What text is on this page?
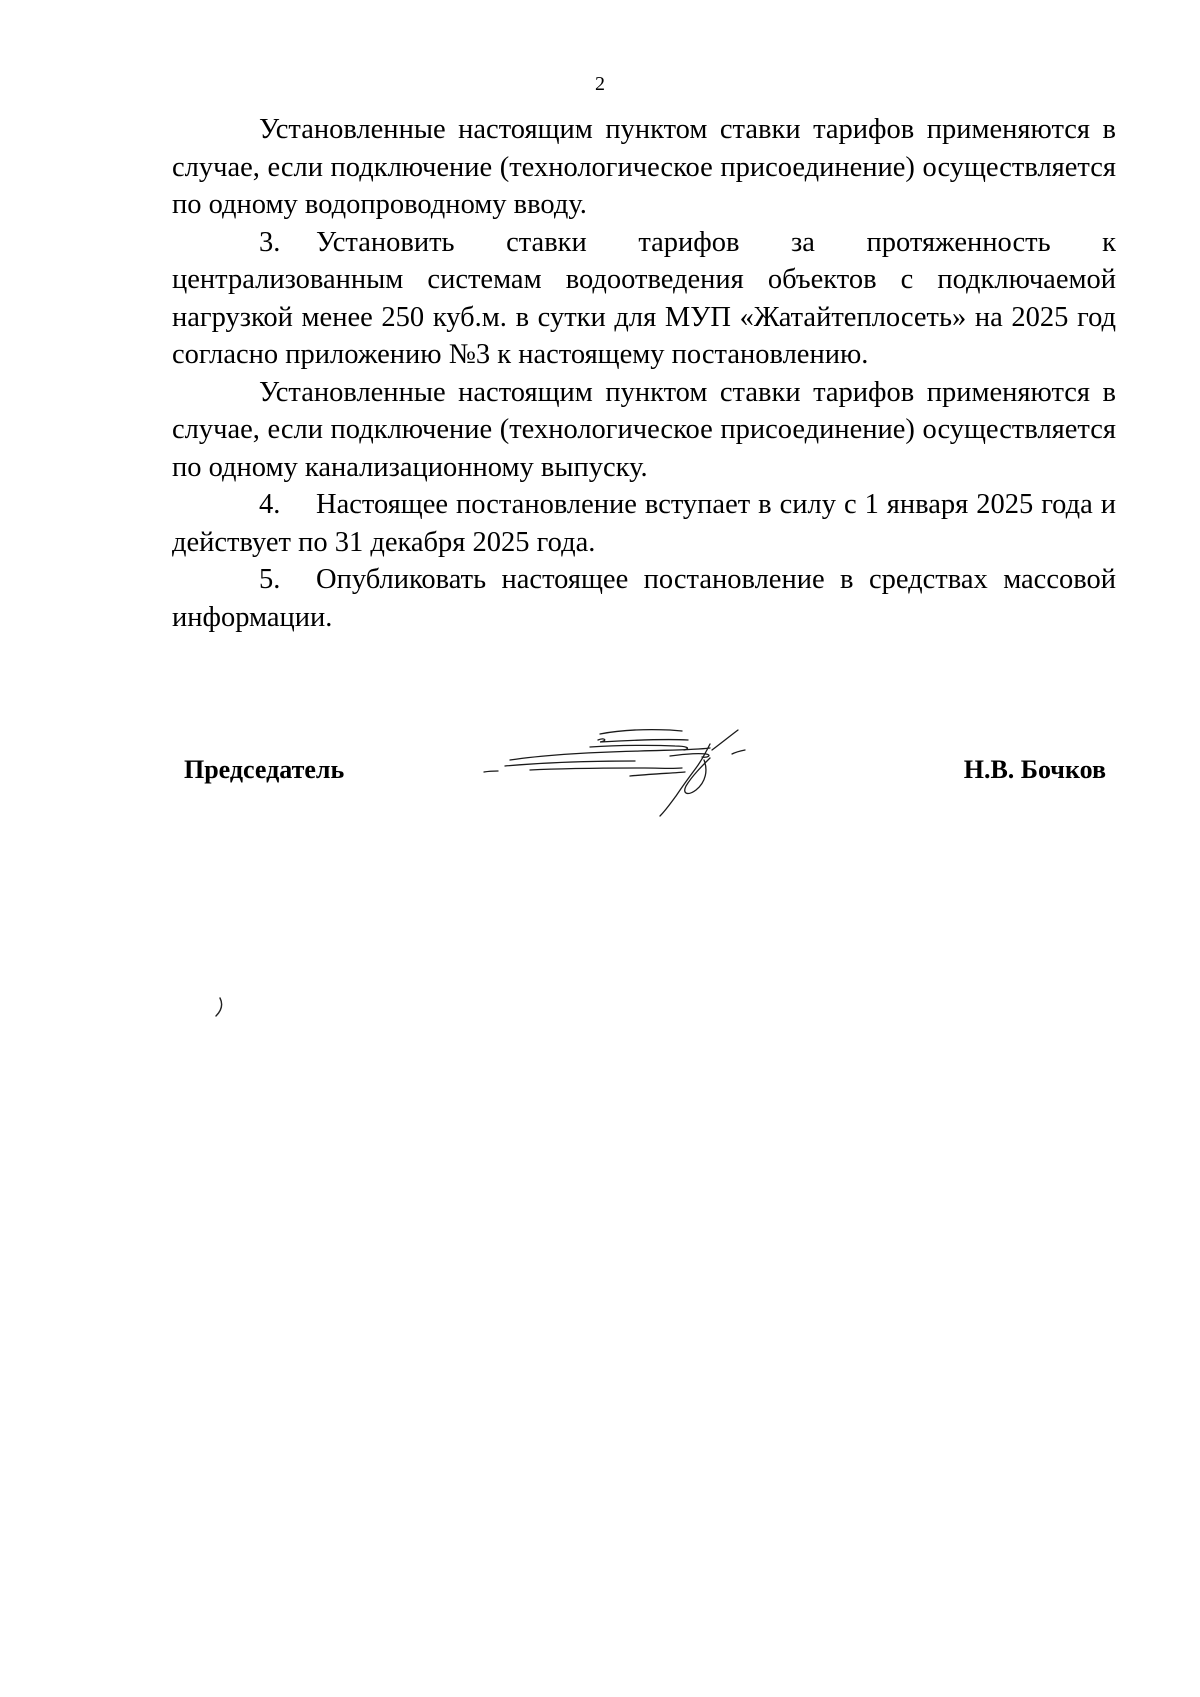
2

Установленные настоящим пунктом ставки тарифов применяются в случае, если подключение (технологическое присоединение) осуществляется по одному водопроводному вводу.

3. Установить ставки тарифов за протяженность к централизованным системам водоотведения объектов с подключаемой нагрузкой менее 250 куб.м. в сутки для МУП «Жатайтеплосеть» на 2025 год согласно приложению №3 к настоящему постановлению.

Установленные настоящим пунктом ставки тарифов применяются в случае, если подключение (технологическое присоединение) осуществляется по одному канализационному выпуску.

4. Настоящее постановление вступает в силу с 1 января 2025 года и действует по 31 декабря 2025 года.

5. Опубликовать настоящее постановление в средствах массовой информации.

Председатель	Н.В. Бочков
